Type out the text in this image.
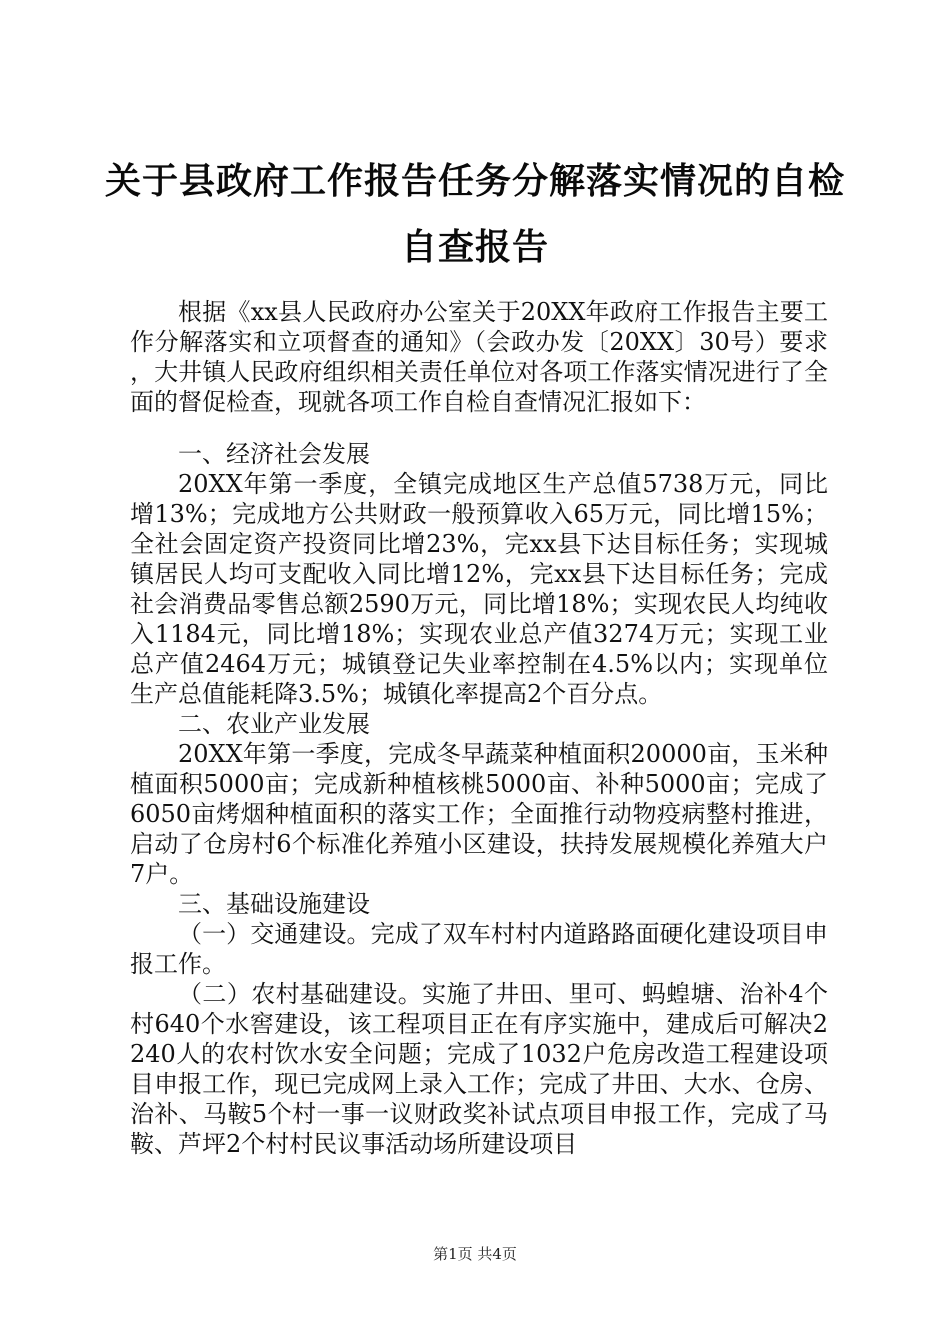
关于县政府工作报告任务分解落实情况的自检
自查报告

根据《xx县人民政府办公室关于20XX年政府工作报告主要工作分解落实和立项督查的通知》（会政办发〔20XX〕30号）要求，大井镇人民政府组织相关责任单位对各项工作落实情况进行了全面的督促检查，现就各项工作自检自查情况汇报如下：

一、经济社会发展

20XX年第一季度，全镇完成地区生产总值5738万元，同比增13%；完成地方公共财政一般预算收入65万元，同比增15%；全社会固定资产投资同比增23%，完xx县下达目标任务；实现城镇居民人均可支配收入同比增12%，完xx县下达目标任务；完成社会消费品零售总额2590万元，同比增18%；实现农民人均纯收入1184元，同比增18%；实现农业总产值3274万元；实现工业总产值2464万元；城镇登记失业率控制在4.5%以内；实现单位生产总值能耗降3.5%；城镇化率提高2个百分点。

二、农业产业发展

20XX年第一季度，完成冬早蔬菜种植面积20000亩，玉米种植面积5000亩；完成新种植核桃5000亩、补种5000亩；完成了6050亩烤烟种植面积的落实工作；全面推行动物疫病整村推进，启动了仓房村6个标准化养殖小区建设，扶持发展规模化养殖大户7户。

三、基础设施建设

（一）交通建设。完成了双车村村内道路路面硬化建设项目申报工作。

（二）农村基础建设。实施了井田、里可、蚂蝗塘、治补4个村640个水窖建设，该工程项目正在有序实施中，建成后可解决2240人的农村饮水安全问题；完成了1032户危房改造工程建设项目申报工作，现已完成网上录入工作；完成了井田、大水、仓房、治补、马鞍5个村一事一议财政奖补试点项目申报工作，完成了马鞍、芦坪2个村村民议事活动场所建设项目

第1页 共4页
